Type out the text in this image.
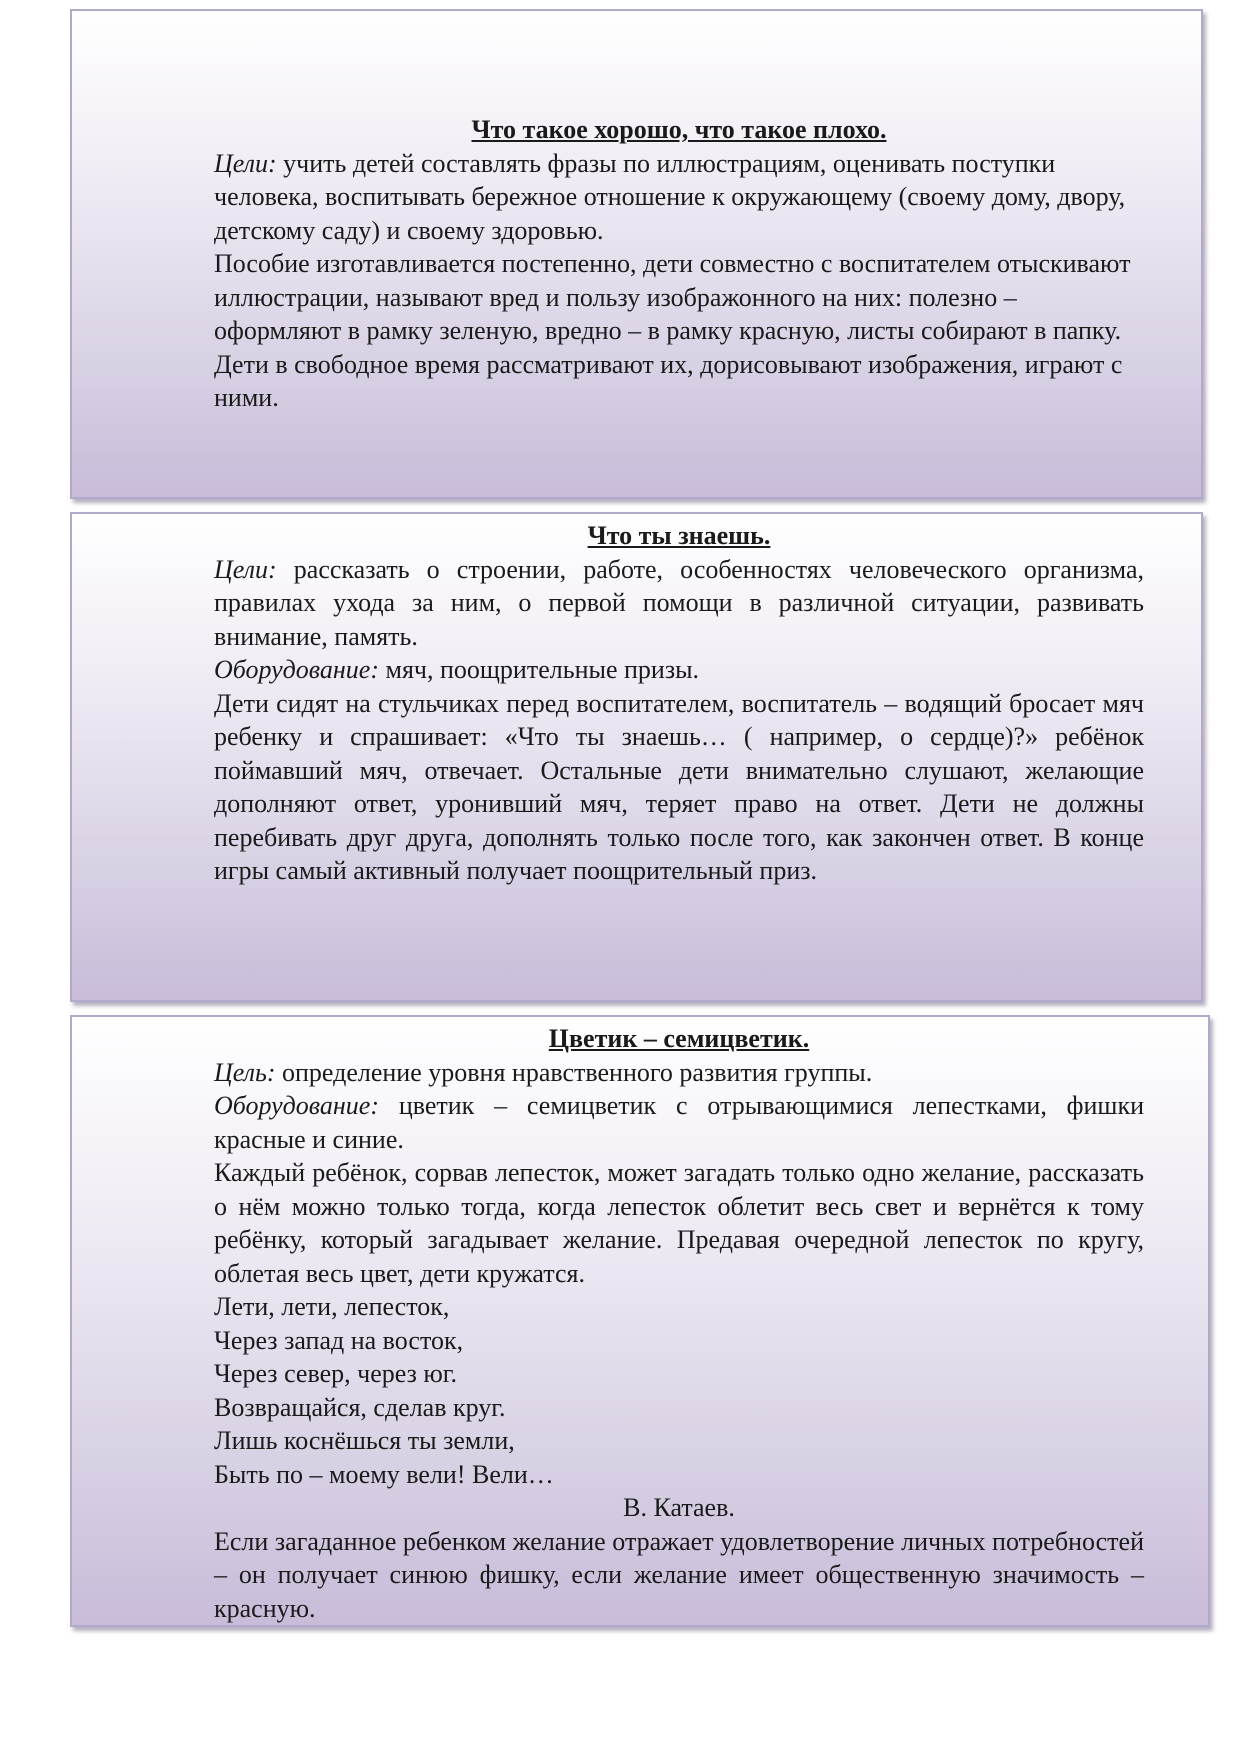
Что такое хорошо, что такое плохо.

Цели: учить детей составлять фразы по иллюстрациям, оценивать поступки человека, воспитывать бережное отношение к окружающему (своему дому, двору, детскому саду) и своему здоровью.

Пособие изготавливается постепенно, дети совместно с воспитателем отыскивают иллюстрации, называют вред и пользу изображонного на них: полезно – оформляют в рамку зеленую, вредно – в рамку красную, листы собирают в папку. Дети в свободное время рассматривают их, дорисовывают изображения, играют с ними.

Что ты знаешь.

Цели: рассказать о строении, работе, особенностях человеческого организма, правилах ухода за ним, о первой помощи в различной ситуации, развивать внимание, память.

Оборудование: мяч, поощрительные призы.

Дети сидят на стульчиках перед воспитателем, воспитатель – водящий бросает мяч ребенку и спрашивает: «Что ты знаешь… ( например, о сердце)?» ребёнок поймавший мяч, отвечает. Остальные дети внимательно слушают, желающие дополняют ответ, уронивший мяч, теряет право на ответ. Дети не должны перебивать друг друга, дополнять только после того, как закончен ответ. В конце игры самый активный получает поощрительный приз.

Цветик – семицветик.

Цель: определение уровня нравственного развития группы.

Оборудование: цветик – семицветик с отрывающимися лепестками, фишки красные и синие.

Каждый ребёнок, сорвав лепесток, может загадать только одно желание, рассказать о нём можно только тогда, когда лепесток облетит весь свет и вернётся к тому ребёнку, который загадывает желание. Предавая очередной лепесток по кругу, облетая весь цвет, дети кружатся.

Лети, лети, лепесток,

Через запад на восток,

Через север, через юг.

Возвращайся, сделав круг.

Лишь коснёшься ты земли,

Быть по – моему вели! Вели…

В. Катаев.

Если загаданное ребенком желание отражает удовлетворение личных потребностей – он получает синюю фишку, если желание имеет общественную значимость – красную.
